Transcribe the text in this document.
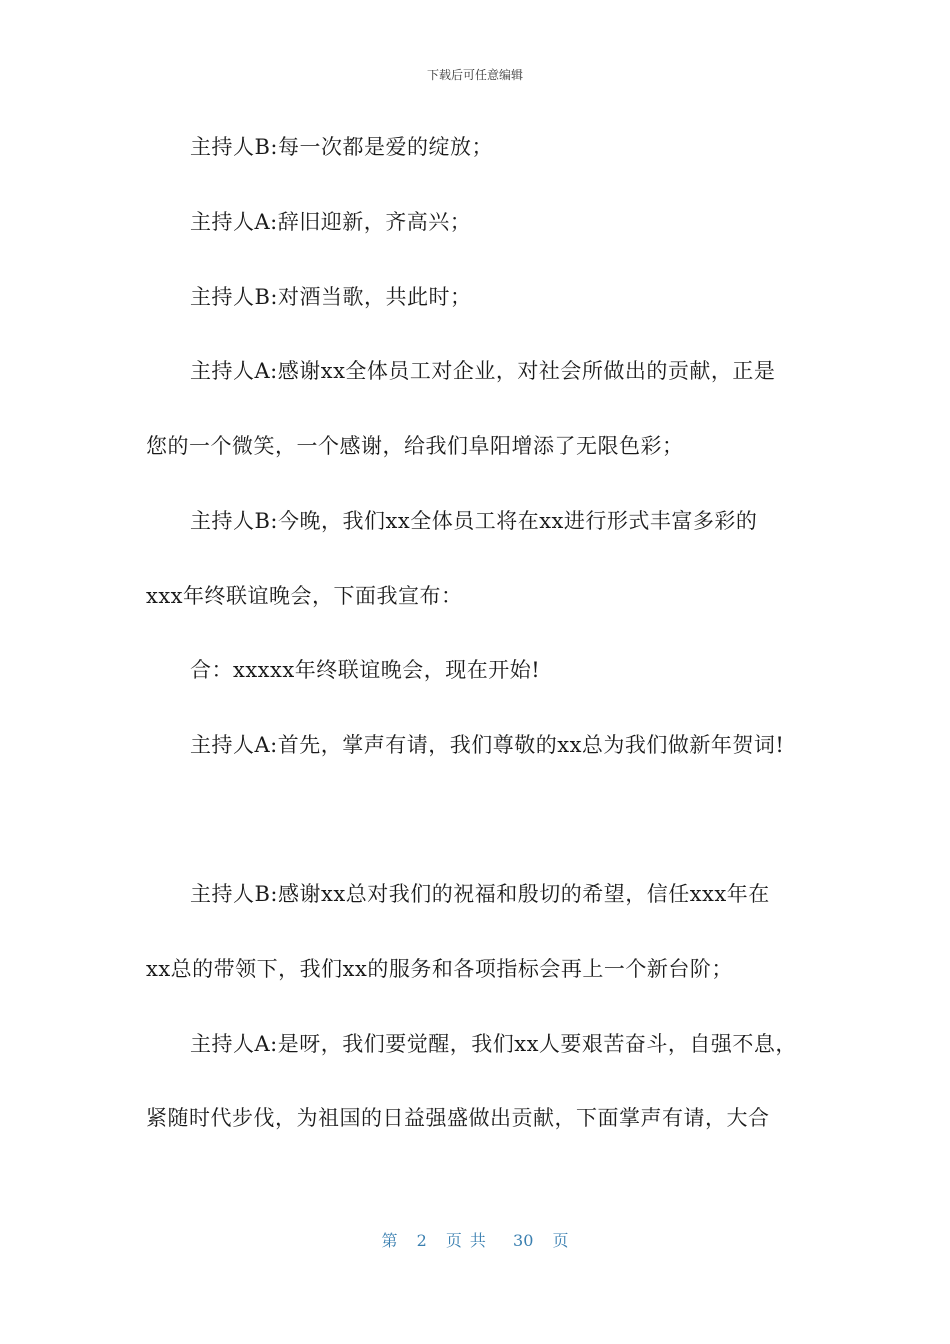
下载后可任意编辑
主持人B:每一次都是爱的绽放；
主持人A:辞旧迎新，齐高兴；
主持人B:对酒当歌，共此时；
主持人A:感谢xx全体员工对企业，对社会所做出的贡献，正是
您的一个微笑，一个感谢，给我们阜阳增添了无限色彩；
主持人B:今晚，我们xx全体员工将在xx进行形式丰富多彩的
xxx年终联谊晚会，下面我宣布：
合：xxxxx年终联谊晚会，现在开始!
主持人A:首先，掌声有请，我们尊敬的xx总为我们做新年贺词!
主持人B:感谢xx总对我们的祝福和殷切的希望，信任xxx年在
xx总的带领下，我们xx的服务和各项指标会再上一个新台阶；
主持人A:是呀，我们要觉醒，我们xx人要艰苦奋斗，自强不息，
紧随时代步伐，为祖国的日益强盛做出贡献，下面掌声有请，大合
第 2 页共 30 页
